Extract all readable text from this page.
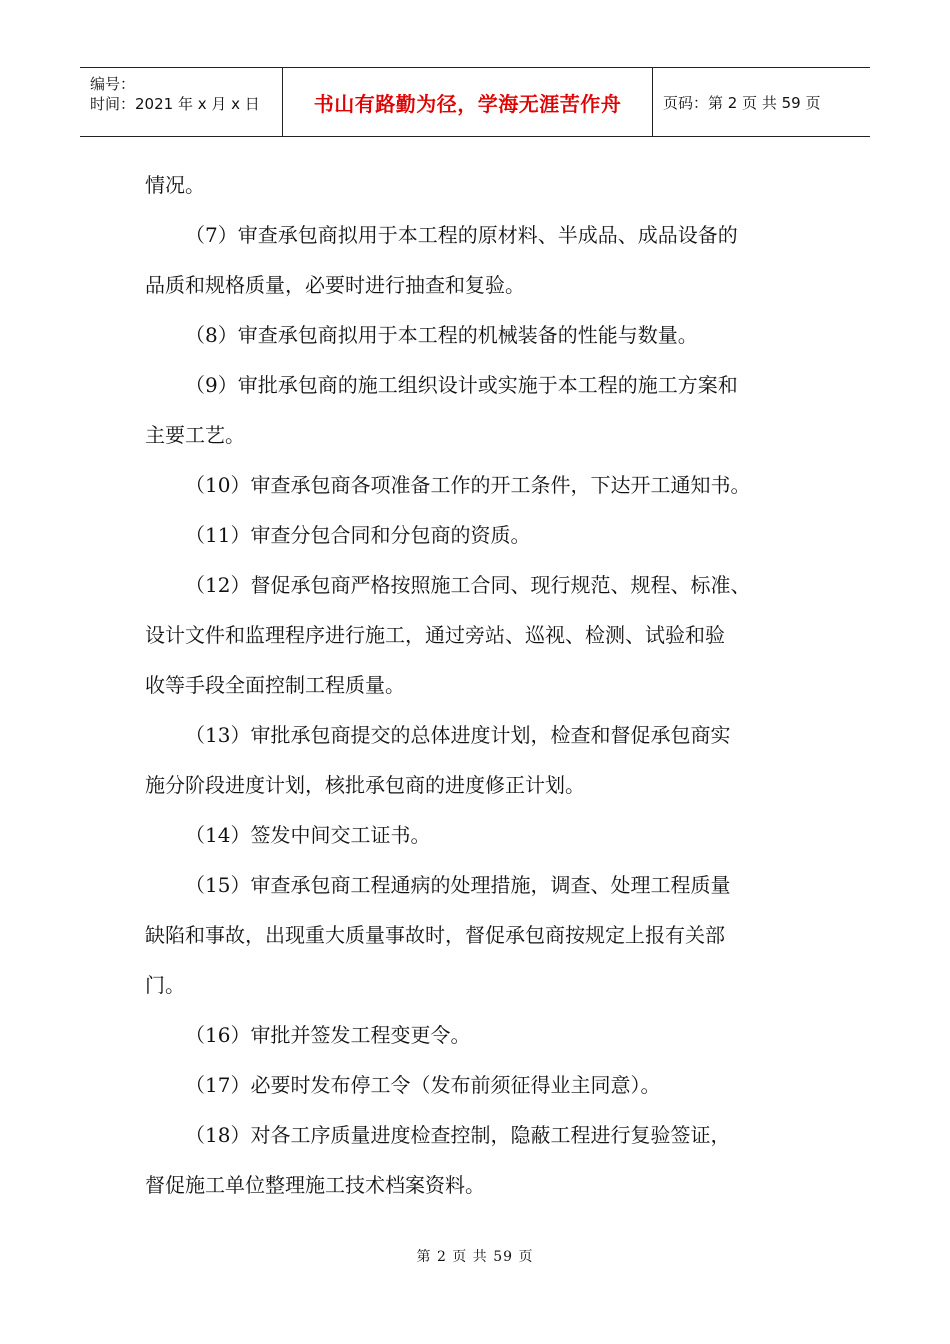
编号：
时间：2021 年 x 月 x 日	书山有路勤为径，学海无涯苦作舟	页码：第 2 页 共 59 页

情况。

（7）审查承包商拟用于本工程的原材料、半成品、成品设备的

品质和规格质量，必要时进行抽查和复验。

（8）审查承包商拟用于本工程的机械装备的性能与数量。

（9）审批承包商的施工组织设计或实施于本工程的施工方案和

主要工艺。

（10）审查承包商各项准备工作的开工条件，下达开工通知书。

（11）审查分包合同和分包商的资质。

（12）督促承包商严格按照施工合同、现行规范、规程、标准、

设计文件和监理程序进行施工，通过旁站、巡视、检测、试验和验

收等手段全面控制工程质量。

（13）审批承包商提交的总体进度计划，检查和督促承包商实

施分阶段进度计划，核批承包商的进度修正计划。

（14）签发中间交工证书。

（15）审查承包商工程通病的处理措施，调查、处理工程质量

缺陷和事故，出现重大质量事故时，督促承包商按规定上报有关部

门。

（16）审批并签发工程变更令。

（17）必要时发布停工令（发布前须征得业主同意）。

（18）对各工序质量进度检查控制，隐蔽工程进行复验签证，

督促施工单位整理施工技术档案资料。

第 2 页 共 59 页
